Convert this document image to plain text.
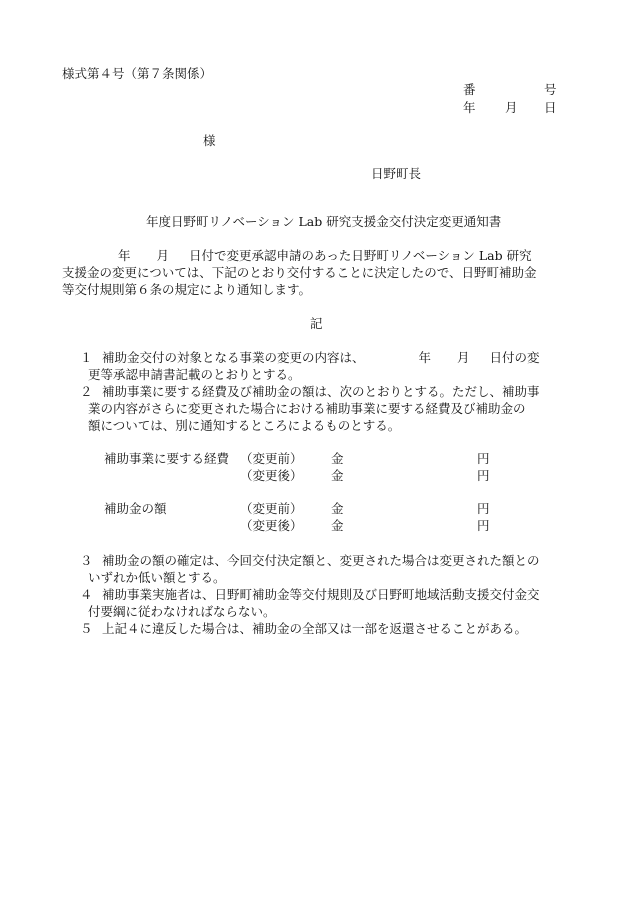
様式第４号（第７条関係）
番	号
年 月 日
様
日野町長
年度日野町リノベーション Lab 研究支援金交付決定変更通知書
年 月 日付で変更承認申請のあった日野町リノベーション Lab 研究
支援金の変更については、下記のとおり交付することに決定したので、日野町補助金
等交付規則第６条の規定により通知します。
記
１ 補助金交付の対象となる事業の変更の内容は、	年 月 日付の変
更等承認申請書記載のとおりとする。
２ 補助事業に要する経費及び補助金の額は、次のとおりとする。ただし、補助事
業の内容がさらに変更された場合における補助事業に要する経費及び補助金の
額については、別に通知するところによるものとする。
補助事業に要する経費 （変更前） 金	円
（変更後） 金	円
補助金の額	（変更前） 金	円
（変更後） 金	円
３ 補助金の額の確定は、今回交付決定額と、変更された場合は変更された額との
いずれか低い額とする。
４ 補助事業実施者は、日野町補助金等交付規則及び日野町地域活動支援交付金交
付要綱に従わなければならない。
５ 上記４に違反した場合は、補助金の全部又は一部を返還させることがある。
